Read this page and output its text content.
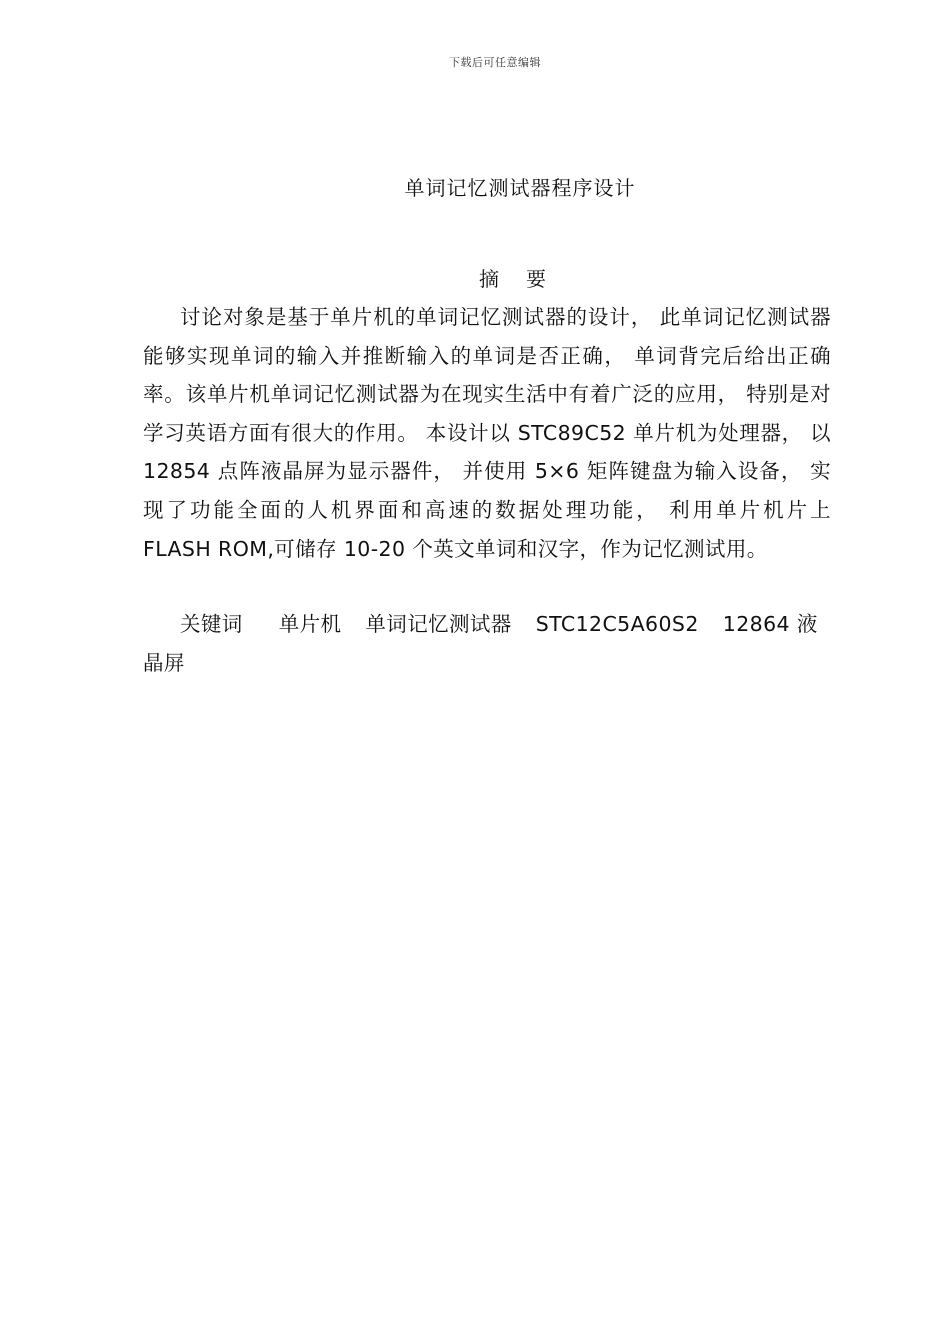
下载后可任意编辑
单词记忆测试器程序设计
摘 要

讨论对象是基于单片机的单词记忆测试器的设计， 此单词记忆测试器能够实现单词的输入并推断输入的单词是否正确， 单词背完后给出正确率。该单片机单词记忆测试器为在现实生活中有着广泛的应用， 特别是对学习英语方面有很大的作用。 本设计以 STC89C52 单片机为处理器， 以 12854 点阵液晶屏为显示器件， 并使用 5×6 矩阵键盘为输入设备， 实现了功能全面的人机界面和高速的数据处理功能， 利用单片机片上 FLASH ROM,可储存 10-20 个英文单词和汉字，作为记忆测试用。

关键词 单片机 单词记忆测试器 STC12C5A60S2 12864 液晶屏
